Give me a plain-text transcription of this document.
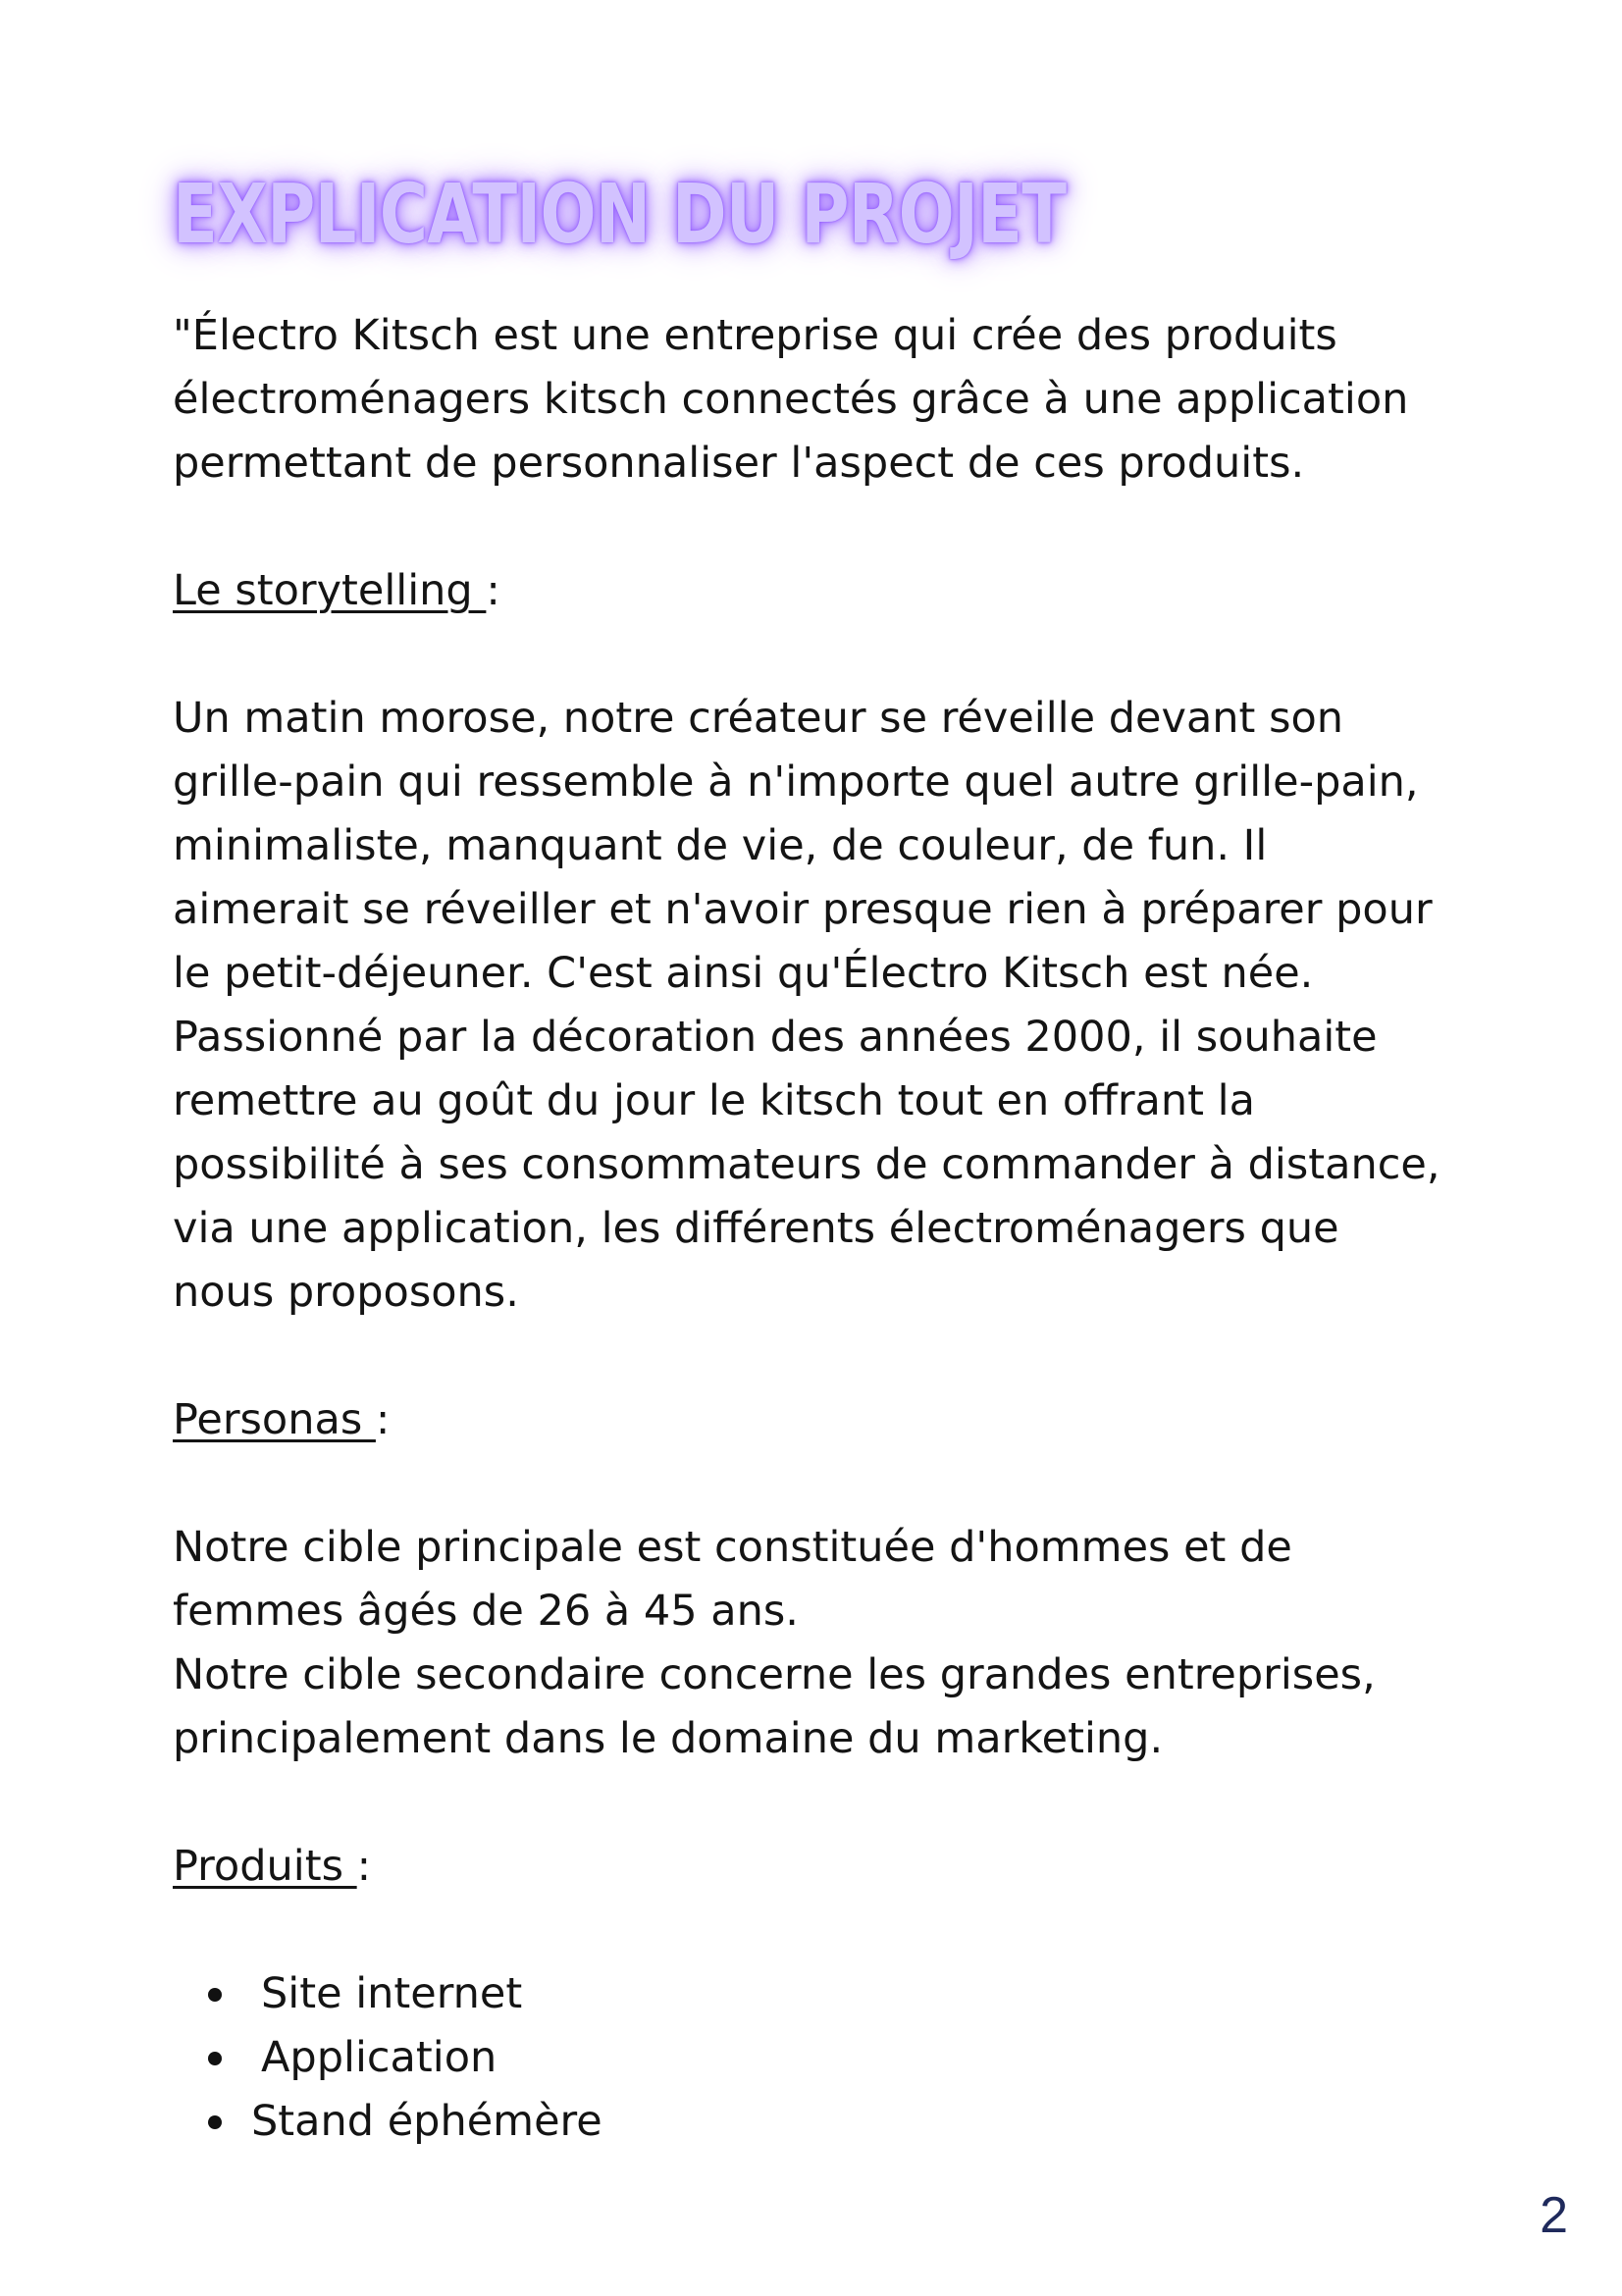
EXPLICATION DU PROJET

"Électro Kitsch est une entreprise qui crée des produits
électroménagers kitsch connectés grâce à une application
permettant de personnaliser l'aspect de ces produits.

Le storytelling :

Un matin morose, notre créateur se réveille devant son
grille-pain qui ressemble à n'importe quel autre grille-pain,
minimaliste, manquant de vie, de couleur, de fun. Il
aimerait se réveiller et n'avoir presque rien à préparer pour
le petit-déjeuner. C'est ainsi qu'Électro Kitsch est née.
Passionné par la décoration des années 2000, il souhaite
remettre au goût du jour le kitsch tout en offrant la
possibilité à ses consommateurs de commander à distance,
via une application, les différents électroménagers que
nous proposons.

Personas :

Notre cible principale est constituée d'hommes et de
femmes âgés de 26 à 45 ans.
Notre cible secondaire concerne les grandes entreprises,
principalement dans le domaine du marketing.

Produits :

Site internet
Application
Stand éphémère
2
